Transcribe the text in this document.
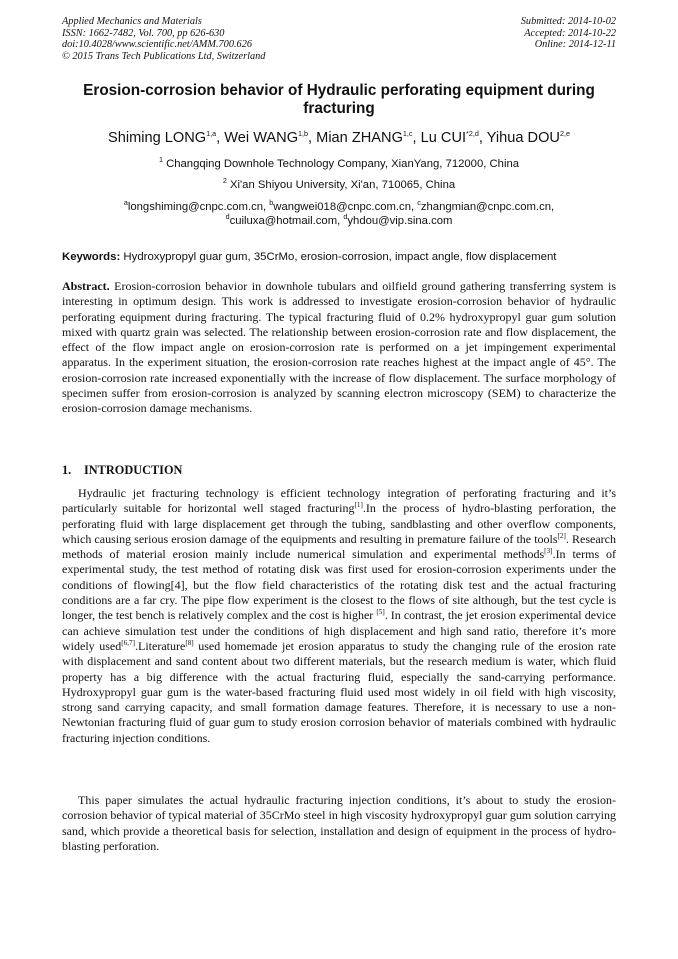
Applied Mechanics and Materials
ISSN: 1662-7482, Vol. 700, pp 626-630
doi:10.4028/www.scientific.net/AMM.700.626
© 2015 Trans Tech Publications Ltd, Switzerland
Submitted: 2014-10-02
Accepted: 2014-10-22
Online: 2014-12-11
Erosion-corrosion behavior of Hydraulic perforating equipment during fracturing
Shiming LONG$^{1,a}$, Wei WANG$^{1,b}$, Mian ZHANG$^{1,c}$, Lu CUI$^{*2,d}$, Yihua DOU$^{2,e}$
$^1$ Changqing Downhole Technology Company, XianYang, 712000, China
$^2$ Xi'an Shiyou University, Xi'an, 710065, China
$^a$longshiming@cnpc.com.cn, $^b$wangwei018@cnpc.com.cn, $^c$zhangmian@cnpc.com.cn,
$^d$cuiluxa@hotmail.com, $^d$yhdou@vip.sina.com
Keywords: Hydroxypropyl guar gum, 35CrMo, erosion-corrosion, impact angle, flow displacement
Abstract. Erosion-corrosion behavior in downhole tubulars and oilfield ground gathering transferring system is interesting in optimum design. This work is addressed to investigate erosion-corrosion behavior of hydraulic perforating equipment during fracturing. The typical fracturing fluid of 0.2% hydroxypropyl guar gum solution mixed with quartz grain was selected. The relationship between erosion-corrosion rate and flow displacement, the effect of the flow impact angle on erosion-corrosion rate is performed on a jet impingement experimental apparatus. In the experiment situation, the erosion-corrosion rate reaches highest at the impact angle of 45°. The erosion-corrosion rate increased exponentially with the increase of flow displacement. The surface morphology of specimen suffer from erosion-corrosion is analyzed by scanning electron microscopy (SEM) to characterize the erosion-corrosion damage mechanisms.
1. INTRODUCTION
Hydraulic jet fracturing technology is efficient technology integration of perforating fracturing and it’s particularly suitable for horizontal well staged fracturing[1].In the process of hydro-blasting perforation, the perforating fluid with large displacement get through the tubing, sandblasting and other overflow components, which causing serious erosion damage of the equipments and resulting in premature failure of the tools[2]. Research methods of material erosion mainly include numerical simulation and experimental methods[3].In terms of experimental study, the test method of rotating disk was first used for erosion-corrosion experiments under the conditions of flowing[4], but the flow field characteristics of the rotating disk test and the actual fracturing conditions are a far cry. The pipe flow experiment is the closest to the flows of site although, but the test cycle is longer, the test bench is relatively complex and the cost is higher [5]. In contrast, the jet erosion experimental device can achieve simulation test under the conditions of high displacement and high sand ratio, therefore it’s more widely used[6,7].Literature[8] used homemade jet erosion apparatus to study the changing rule of the erosion rate with displacement and sand content about two different materials, but the research medium is water, which fluid property has a big difference with the actual fracturing fluid, especially the sand-carrying performance. Hydroxypropyl guar gum is the water-based fracturing fluid used most widely in oil field with high viscosity, strong sand carrying capacity, and small formation damage features. Therefore, it is necessary to use a non-Newtonian fracturing fluid of guar gum to study erosion corrosion behavior of materials combined with hydraulic fracturing injection conditions.
This paper simulates the actual hydraulic fracturing injection conditions, it’s about to study the erosion-corrosion behavior of typical material of 35CrMo steel in high viscosity hydroxypropyl guar gum solution carrying sand, which provide a theoretical basis for selection, installation and design of equipment in the process of hydro-blasting perforation.
